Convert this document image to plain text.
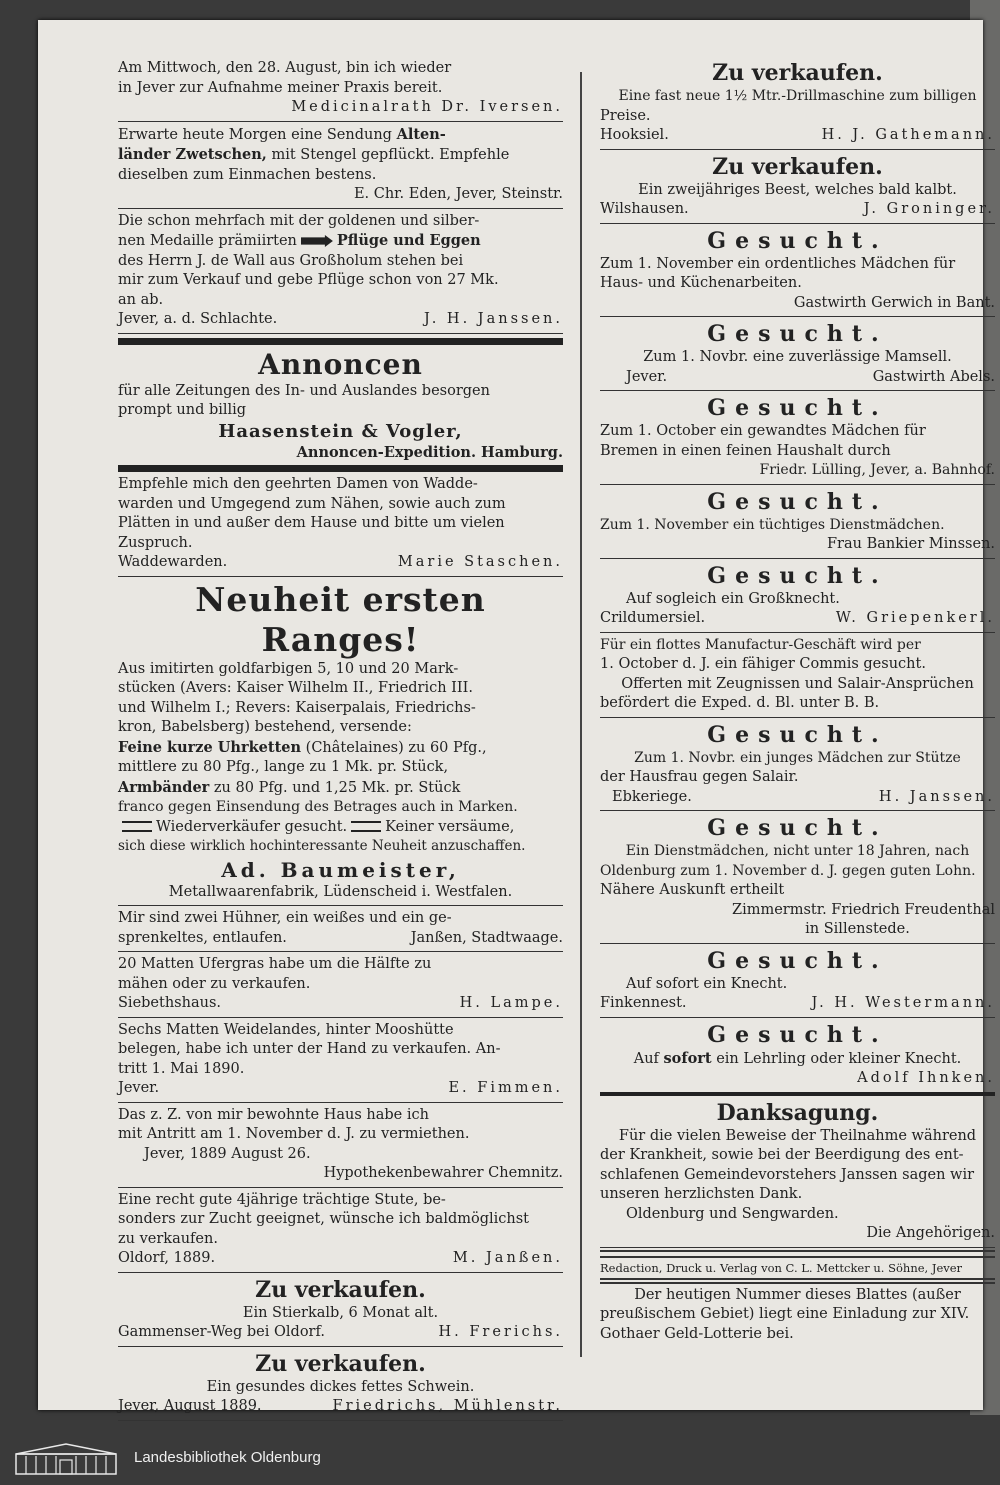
Am Mittwoch, den 28. August, bin ich wieder
in Jever zur Aufnahme meiner Praxis bereit.
Medicinalrath Dr. Iversen.
Erwarte heute Morgen eine Sendung Alten-
länder Zwetschen, mit Stengel gepflückt. Empfehle
dieselben zum Einmachen bestens.
E. Chr. Eden, Jever, Steinstr.
Die schon mehrfach mit der goldenen und silber-
nen Medaille prämiirten	Pflüge und Eggen
des Herrn J. de Wall aus Großholum stehen bei
mir zum Verkauf und gebe Pflüge schon von 27 Mk.
an ab.
Jever, a. d. Schlachte.	J. H. Janssen.
Annoncen
für alle Zeitungen des In- und Auslandes besorgen
prompt und billig
Haasenstein & Vogler,
Annoncen-Expedition. Hamburg.
Empfehle mich den geehrten Damen von Wadde-
warden und Umgegend zum Nähen, sowie auch zum
Plätten in und außer dem Hause und bitte um vielen
Zuspruch.
Waddewarden.	Marie Staschen.
Neuheit ersten Ranges!
Aus imitirten goldfarbigen 5, 10 und 20 Mark-
stücken (Avers: Kaiser Wilhelm II., Friedrich III.
und Wilhelm I.; Revers: Kaiserpalais, Friedrichs-
kron, Babelsberg) bestehend, versende:
Feine kurze Uhrketten (Châtelaines) zu 60 Pfg.,
mittlere zu 80 Pfg., lange zu 1 Mk. pr. Stück,
Armbänder zu 80 Pfg. und 1,25 Mk. pr. Stück
franco gegen Einsendung des Betrages auch in Marken.
Wiederverkäufer gesucht.	Keiner versäume,
sich diese wirklich hochinteressante Neuheit anzuschaffen.
Ad. Baumeister,
Metallwaarenfabrik, Lüdenscheid i. Westfalen.
Mir sind zwei Hühner, ein weißes und ein ge-
sprenkeltes, entlaufen.	Janßen, Stadtwaage.
20 Matten Ufergras habe um die Hälfte zu
mähen oder zu verkaufen.
Siebethshaus.	H. Lampe.
Sechs Matten Weidelandes, hinter Mooshütte
belegen, habe ich unter der Hand zu verkaufen. An-
tritt 1. Mai 1890.
Jever.	E. Fimmen.
Das z. Z. von mir bewohnte Haus habe ich
mit Antritt am 1. November d. J. zu vermiethen.
Jever, 1889 August 26.
Hypothekenbewahrer Chemnitz.
Eine recht gute 4jährige trächtige Stute, be-
sonders zur Zucht geeignet, wünsche ich baldmöglichst
zu verkaufen.
Oldorf, 1889.	M. Janßen.
Zu verkaufen.
Ein Stierkalb, 6 Monat alt.
Gammenser-Weg bei Oldorf.	H. Frerichs.
Zu verkaufen.
Ein gesundes dickes fettes Schwein.
Jever, August 1889.	Friedrichs, Mühlenstr.
Zu verkaufen.
Eine fast neue 1½ Mtr.-Drillmaschine zum billigen
Preise.
Hooksiel.	H. J. Gathemann.
Zu verkaufen.
Ein zweijähriges Beest, welches bald kalbt.
Wilshausen.	J. Groninger.
Gesucht.
Zum 1. November ein ordentliches Mädchen für
Haus- und Küchenarbeiten.
Gastwirth Gerwich in Bant.
Gesucht.
Zum 1. Novbr. eine zuverlässige Mamsell.
Jever.	Gastwirth Abels.
Gesucht.
Zum 1. October ein gewandtes Mädchen für
Bremen in einen feinen Haushalt durch
Friedr. Lülling, Jever, a. Bahnhof.
Gesucht.
Zum 1. November ein tüchtiges Dienstmädchen.
Frau Bankier Minssen.
Gesucht.
Auf sogleich ein Großknecht.
Crildumersiel.	W. Griepenkerl.
Für ein flottes Manufactur-Geschäft wird per
1. October d. J. ein fähiger Commis gesucht.
Offerten mit Zeugnissen und Salair-Ansprüchen
befördert die Exped. d. Bl. unter B. B.
Gesucht.
Zum 1. Novbr. ein junges Mädchen zur Stütze
der Hausfrau gegen Salair.
Ebkeriege.	H. Janssen.
Gesucht.
Ein Dienstmädchen, nicht unter 18 Jahren, nach
Oldenburg zum 1. November d. J. gegen guten Lohn.
Nähere Auskunft ertheilt
Zimmermstr. Friedrich Freudenthal
in Sillenstede.
Gesucht.
Auf sofort ein Knecht.
Finkennest.	J. H. Westermann.
Gesucht.
Auf sofort ein Lehrling oder kleiner Knecht.
Adolf Ihnken.
Danksagung.
Für die vielen Beweise der Theilnahme während
der Krankheit, sowie bei der Beerdigung des ent-
schlafenen Gemeindevorstehers Janssen sagen wir
unseren herzlichsten Dank.
Oldenburg und Sengwarden.
Die Angehörigen.
Redaction, Druck u. Verlag von C. L. Mettcker u. Söhne, Jever
Der heutigen Nummer dieses Blattes (außer
preußischem Gebiet) liegt eine Einladung zur XIV.
Gothaer Geld-Lotterie bei.
Landesbibliothek Oldenburg
